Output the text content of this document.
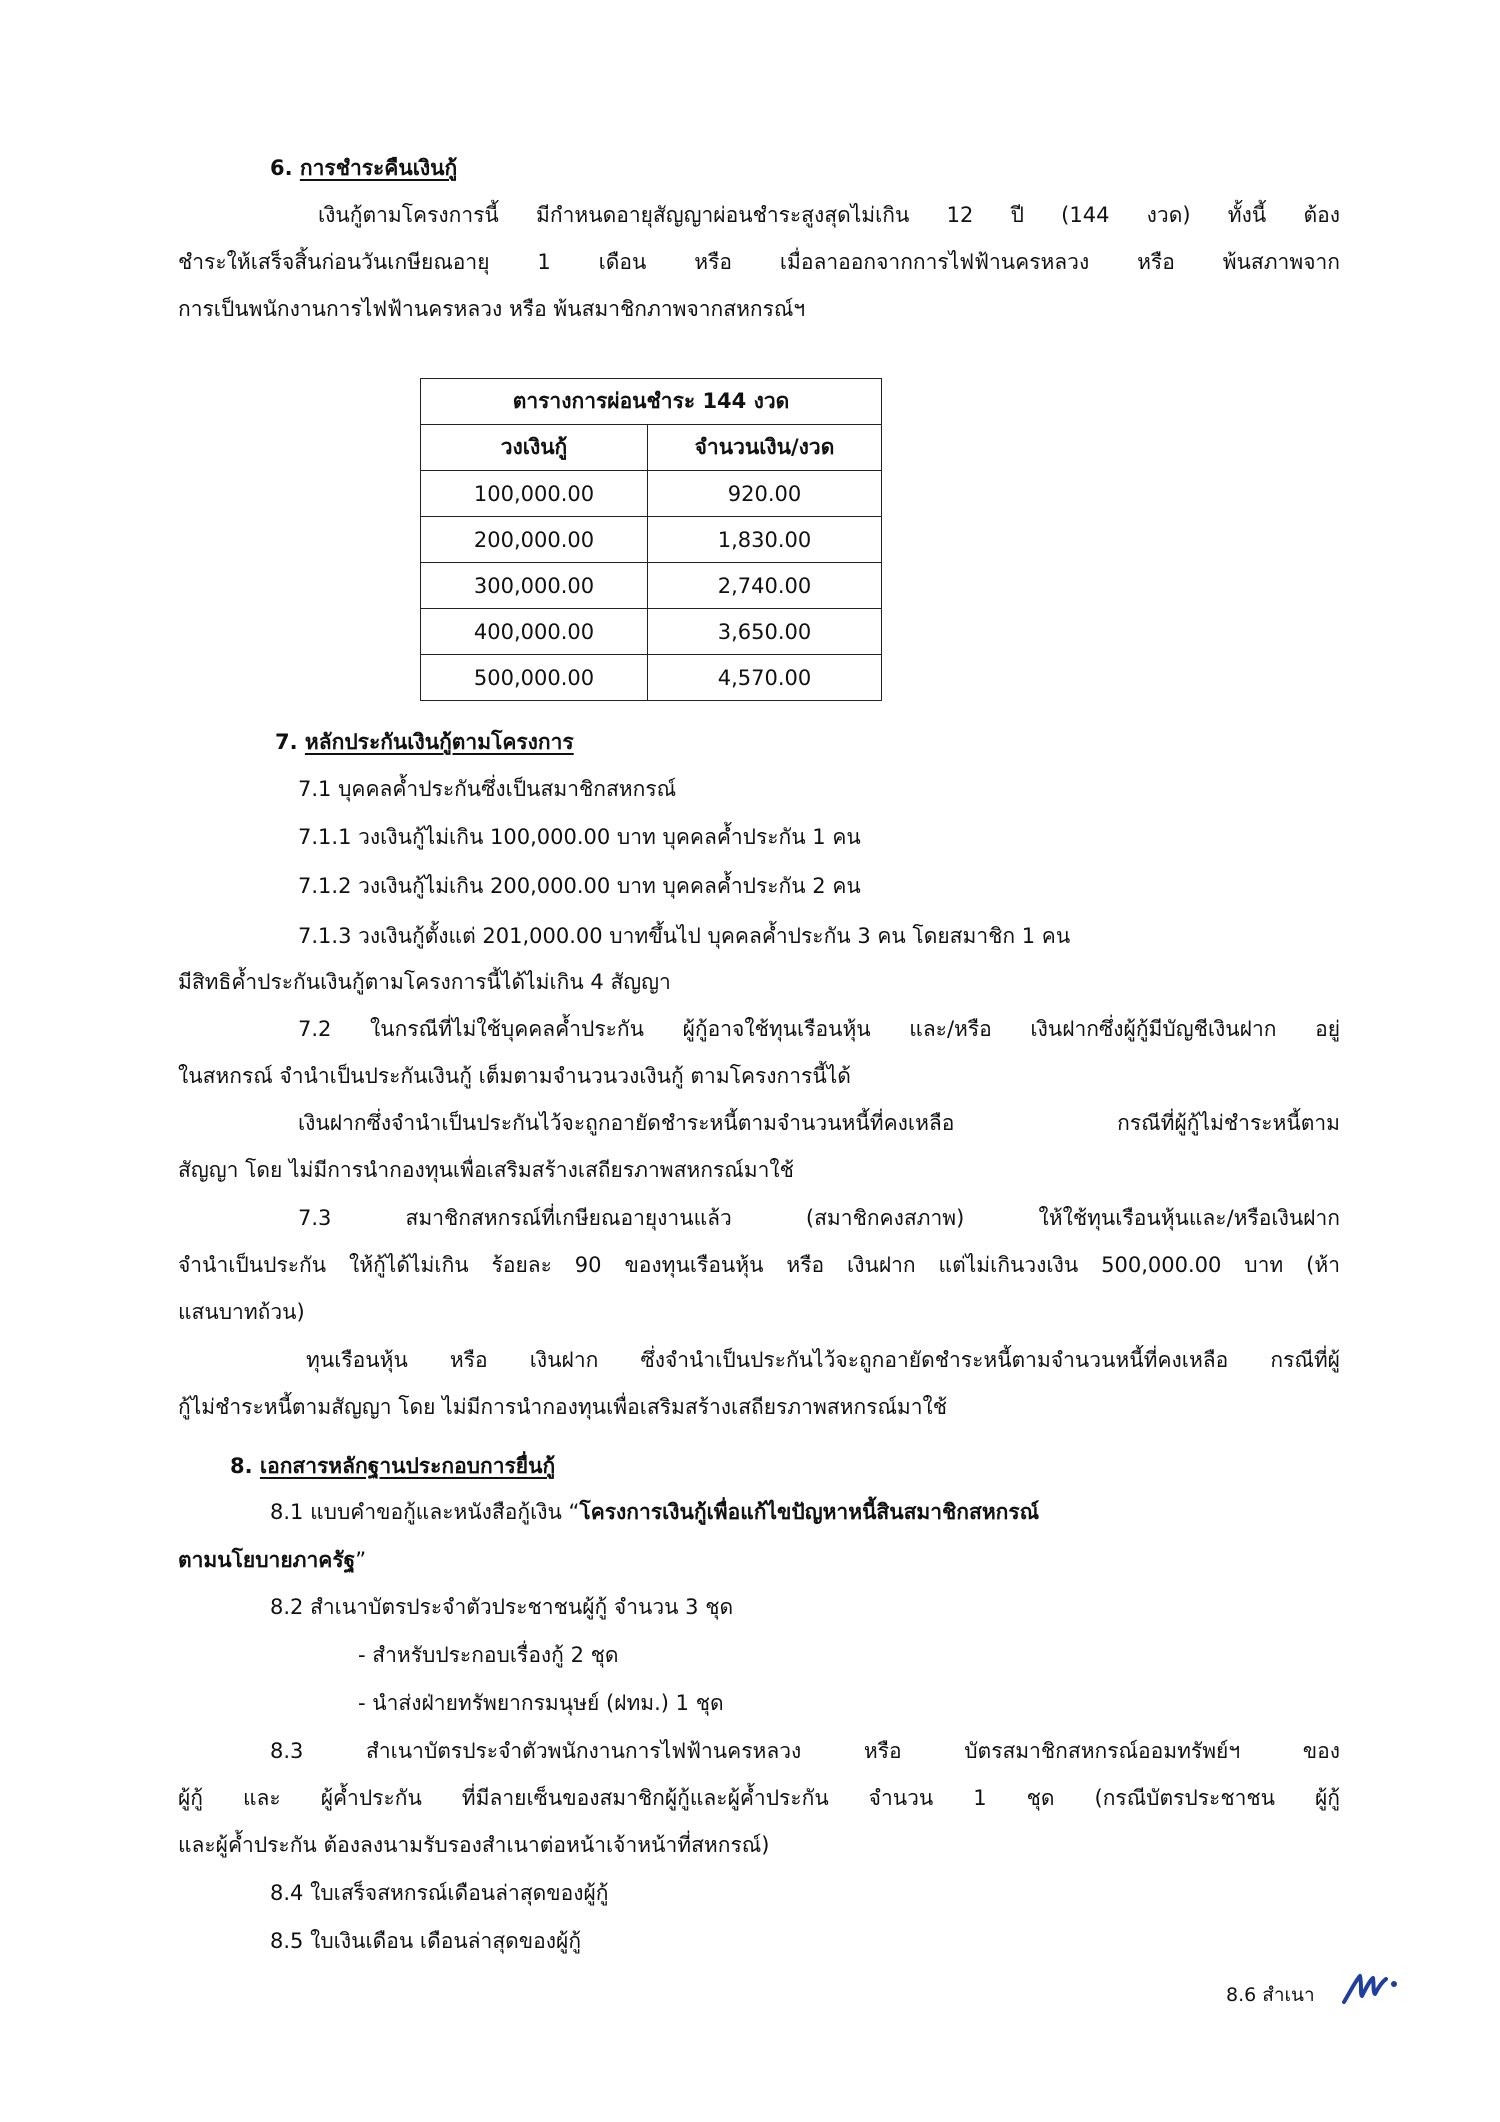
6. การชำระคืนเงินกู้
เงินกู้ตามโครงการนี้ มีกำหนดอายุสัญญาผ่อนชำระสูงสุดไม่เกิน 12 ปี (144 งวด) ทั้งนี้ ต้อง
ชำระให้เสร็จสิ้นก่อนวันเกษียณอายุ 1 เดือน หรือ เมื่อลาออกจากการไฟฟ้านครหลวง หรือ พ้นสภาพจาก
การเป็นพนักงานการไฟฟ้านครหลวง หรือ พ้นสมาชิกภาพจากสหกรณ์ฯ
ตารางการผ่อนชำระ 144 งวด	
วงเงินกู้	จำนวนเงิน/งวด
100,000.00	920.00
200,000.00	1,830.00
300,000.00	2,740.00
400,000.00	3,650.00
500,000.00	4,570.00
7. หลักประกันเงินกู้ตามโครงการ
7.1 บุคคลค้ำประกันซึ่งเป็นสมาชิกสหกรณ์
7.1.1 วงเงินกู้ไม่เกิน 100,000.00 บาท บุคคลค้ำประกัน 1 คน
7.1.2 วงเงินกู้ไม่เกิน 200,000.00 บาท บุคคลค้ำประกัน 2 คน
7.1.3 วงเงินกู้ตั้งแต่ 201,000.00 บาทขึ้นไป บุคคลค้ำประกัน 3 คน โดยสมาชิก 1 คน
มีสิทธิค้ำประกันเงินกู้ตามโครงการนี้ได้ไม่เกิน 4 สัญญา
7.2 ในกรณีที่ไม่ใช้บุคคลค้ำประกัน ผู้กู้อาจใช้ทุนเรือนหุ้น และ/หรือ เงินฝากซึ่งผู้กู้มีบัญชีเงินฝาก อยู่
ในสหกรณ์ จำนำเป็นประกันเงินกู้ เต็มตามจำนวนวงเงินกู้ ตามโครงการนี้ได้
เงินฝากซึ่งจำนำเป็นประกันไว้จะถูกอายัดชำระหนี้ตามจำนวนหนี้ที่คงเหลือ กรณีที่ผู้กู้ไม่ชำระหนี้ตาม
สัญญา โดย ไม่มีการนำกองทุนเพื่อเสริมสร้างเสถียรภาพสหกรณ์มาใช้
7.3 สมาชิกสหกรณ์ที่เกษียณอายุงานแล้ว (สมาชิกคงสภาพ) ให้ใช้ทุนเรือนหุ้นและ/หรือเงินฝาก
จำนำเป็นประกัน ให้กู้ได้ไม่เกิน ร้อยละ 90 ของทุนเรือนหุ้น หรือ เงินฝาก แต่ไม่เกินวงเงิน 500,000.00 บาท (ห้า
แสนบาทถ้วน)
ทุนเรือนหุ้น หรือ เงินฝาก ซึ่งจำนำเป็นประกันไว้จะถูกอายัดชำระหนี้ตามจำนวนหนี้ที่คงเหลือ กรณีที่ผู้
กู้ไม่ชำระหนี้ตามสัญญา โดย ไม่มีการนำกองทุนเพื่อเสริมสร้างเสถียรภาพสหกรณ์มาใช้
8. เอกสารหลักฐานประกอบการยื่นกู้
8.1 แบบคำขอกู้และหนังสือกู้เงิน “โครงการเงินกู้เพื่อแก้ไขปัญหาหนี้สินสมาชิกสหกรณ์
ตามนโยบายภาครัฐ”
8.2 สำเนาบัตรประจำตัวประชาชนผู้กู้ จำนวน 3 ชุด
- สำหรับประกอบเรื่องกู้ 2 ชุด
- นำส่งฝ่ายทรัพยากรมนุษย์ (ฝทม.) 1 ชุด
8.3 สำเนาบัตรประจำตัวพนักงานการไฟฟ้านครหลวง หรือ บัตรสมาชิกสหกรณ์ออมทรัพย์ฯ ของ
ผู้กู้ และ ผู้ค้ำประกัน ที่มีลายเซ็นของสมาชิกผู้กู้และผู้ค้ำประกัน จำนวน 1 ชุด (กรณีบัตรประชาชน ผู้กู้
และผู้ค้ำประกัน ต้องลงนามรับรองสำเนาต่อหน้าเจ้าหน้าที่สหกรณ์)
8.4 ใบเสร็จสหกรณ์เดือนล่าสุดของผู้กู้
8.5 ใบเงินเดือน เดือนล่าสุดของผู้กู้
8.6 สำเนา
